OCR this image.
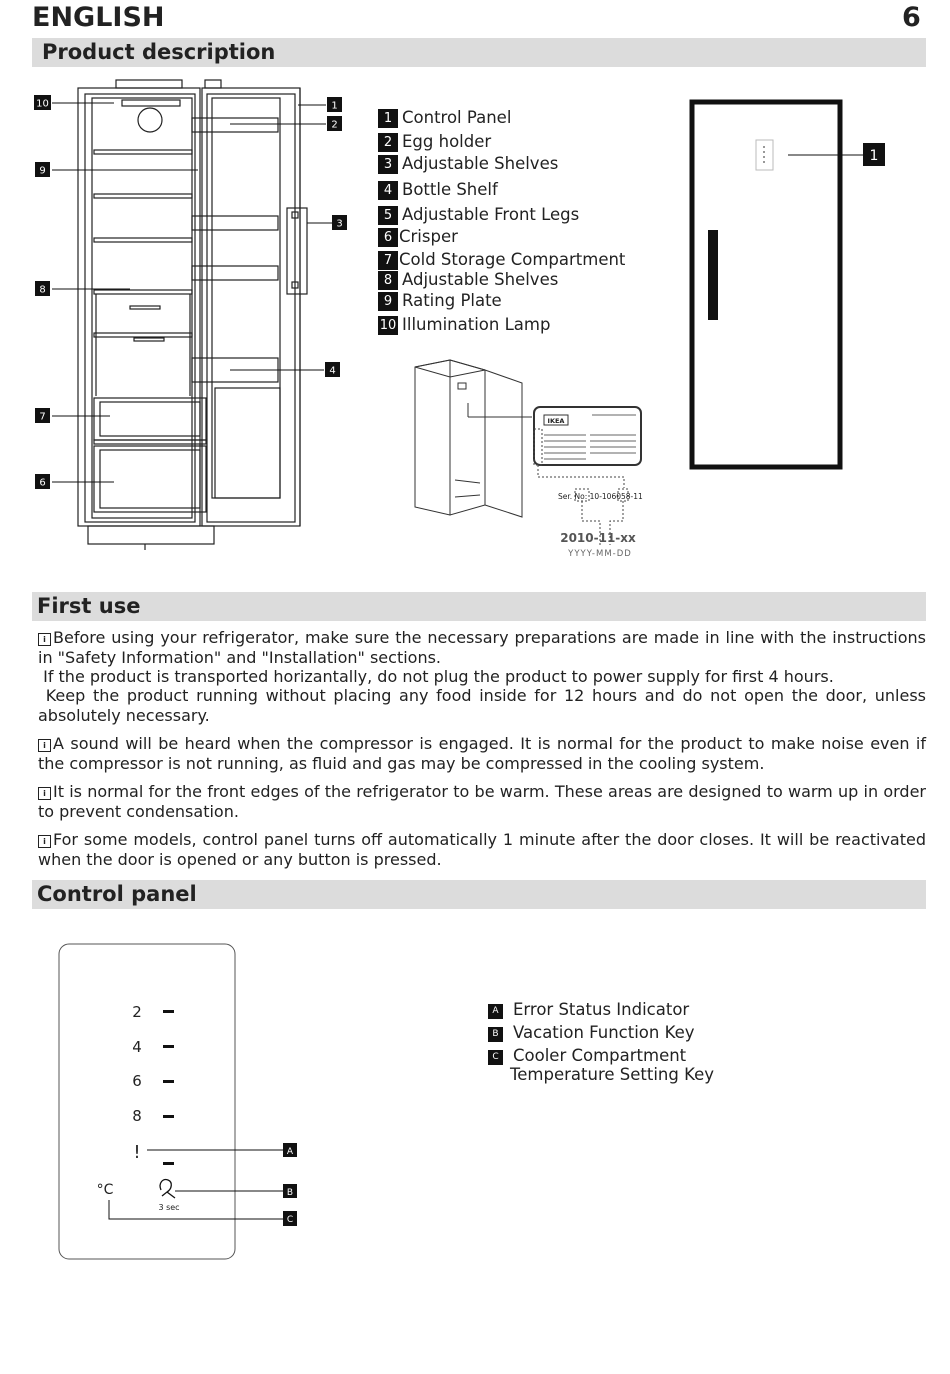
ENGLISH	6
Product description
10
9
8
7
6
1
2
3
4
1 Control Panel
2 Egg holder
3 Adjustable Shelves
4 Bottle Shelf
5 Adjustable Front Legs
6 Crisper
7 Cold Storage Compartment
8 Adjustable Shelves
9 Rating Plate
10 Illumination Lamp
IKEA
Ser. No: 10-106058-11
2010-11-xx
YYYY-MM-DD
1
First use
i Before using your refrigerator, make sure the necessary preparations are made in line with the instructions in "Safety Information" and "Installation" sections.
If the product is transported horizantally, do not plug the product to power supply for first 4 hours.
Keep the product running without placing any food inside for 12 hours and do not open the door, unless absolutely necessary.
i A sound will be heard when the compressor is engaged. It is normal for the product to make noise even if the compressor is not running, as fluid and gas may be compressed in the cooling system.
i It is normal for the front edges of the refrigerator to be warm. These areas are designed to warm up in order to prevent condensation.
i For some models, control panel turns off automatically 1 minute after the door closes. It will be reactivated when the door is opened or any button is pressed.
Control panel
2
4
6
8
!	A
3 sec
B
°C
C
A Error Status Indicator
B Vacation Function Key
C Cooler Compartment
Temperature Setting Key
